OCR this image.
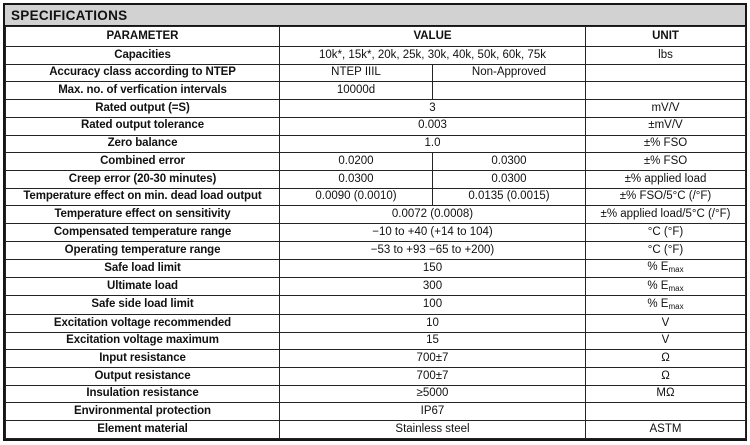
SPECIFICATIONS
PARAMETER	VALUE		UNIT
Capacities	10k*, 15k*, 20k, 25k, 30k, 40k, 50k, 60k, 75k		lbs
Accuracy class according to NTEP	NTEP IIIL	Non-Approved	
Max. no. of verfication intervals	10000d		
Rated output (=S)	3		mV/V
Rated output tolerance	0.003		±mV/V
Zero balance	1.0		±% FSO
Combined error	0.0200	0.0300	±% FSO
Creep error (20-30 minutes)	0.0300	0.0300	±% applied load
Temperature effect on min. dead load output	0.0090 (0.0010)	0.0135 (0.0015)	±% FSO/5°C (/°F)
Temperature effect on sensitivity	0.0072 (0.0008)		±% applied load/5°C (/°F)
Compensated temperature range	−10 to +40 (+14 to 104)		°C (°F)
Operating temperature range	−53 to +93 −65 to +200)		°C (°F)
Safe load limit	150		% $E_{max}$
Ultimate load	300		% $E_{max}$
Safe side load limit	100		% $E_{max}$
Excitation voltage recommended	10		V
Excitation voltage maximum	15		V
Input resistance	700±7		Ω
Output resistance	700±7		Ω
Insulation resistance	≥5000		MΩ
Environmental protection	IP67		
Element material	Stainless steel		ASTM
